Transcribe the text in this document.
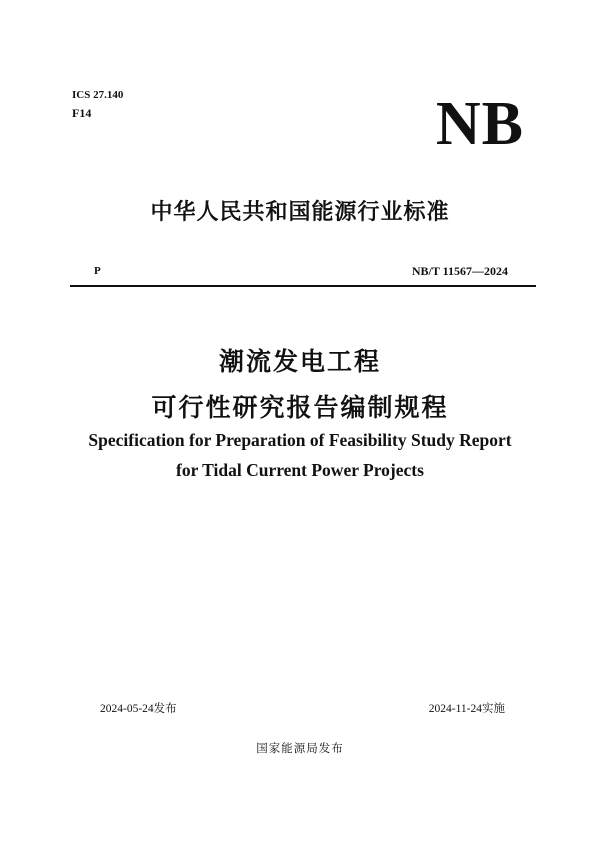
ICS 27.140
F14	NB
中华人民共和国能源行业标准
P	NB/T 11567—2024
潮流发电工程
可行性研究报告编制规程
Specification for Preparation of Feasibility Study Report
for Tidal Current Power Projects
2024-05-24发布	2024-11-24实施
国家能源局发布
